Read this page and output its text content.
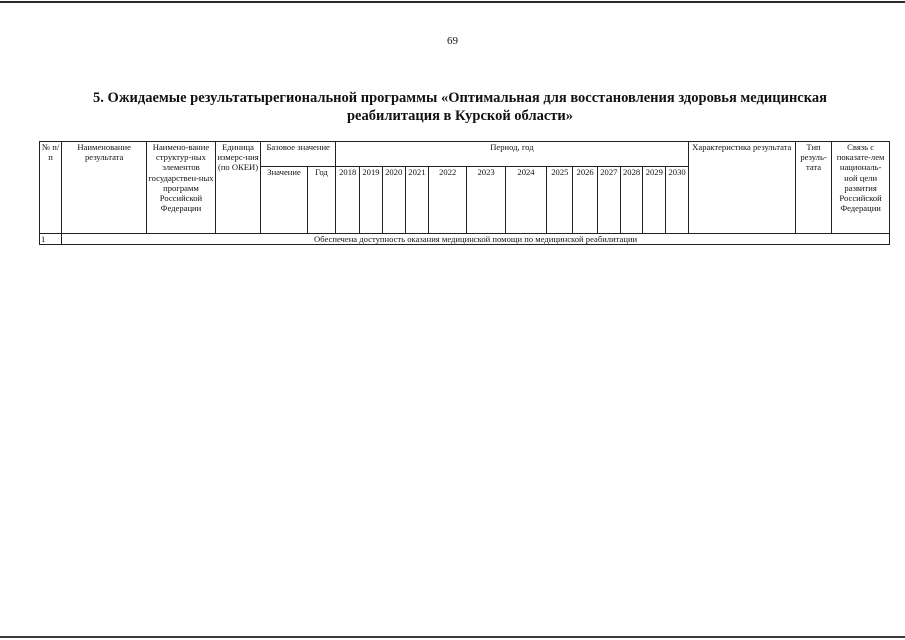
69
5. Ожидаемые результатырегиональной программы «Оптимальная для восстановления здоровья медицинская
реабилитация в Курской области»
№ п/п	Наименование результата	Наимено-вание структур-ных элементов государствен-ных программ Российской Федерации	Единица измерс-ния (по ОКЕИ)	Базовое значение		Период, год													Характеристика результата	Тип резуль-тата	Связь с показате-лем националь-ной цели развития Российской Федерации
				Значение	Год	2018	2019	2020	2021	2022	2023	2024	2025	2026	2027	2028	2029	2030			
1	Обеспечена доступность оказания медицинской помощи по медицинской реабилитации																				
